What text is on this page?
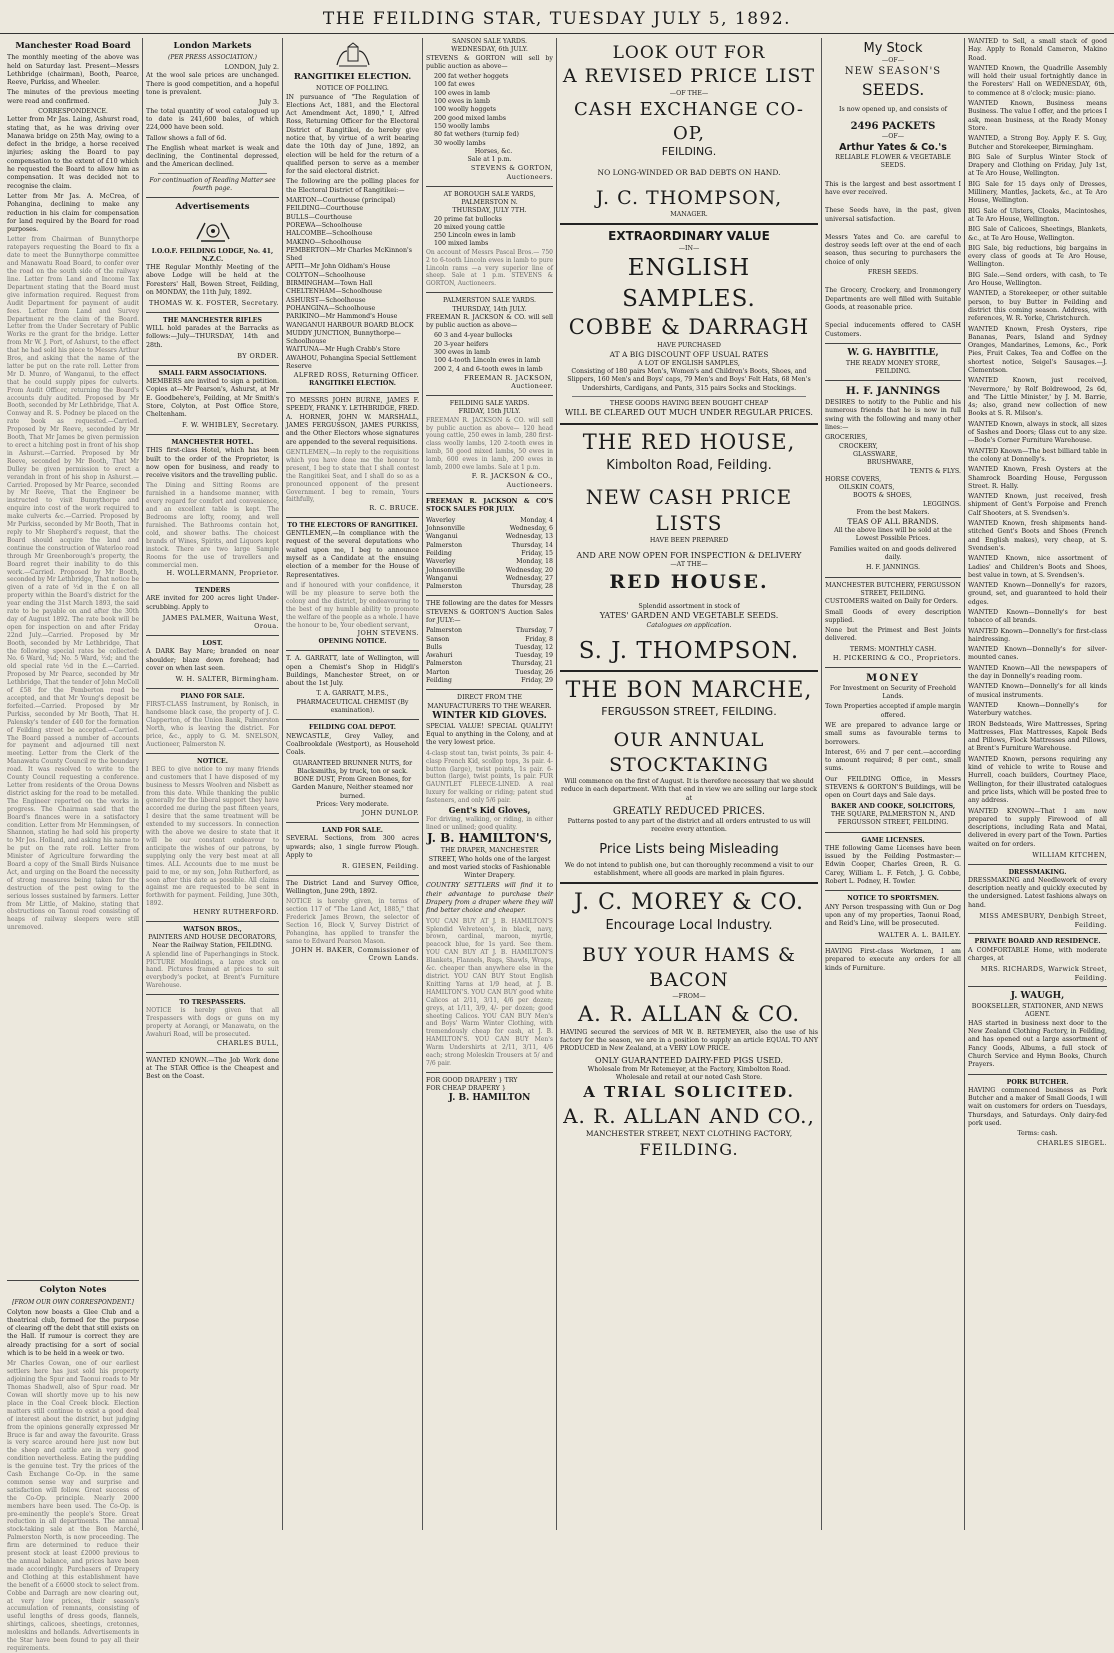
THE FEILDING STAR, TUESDAY JULY 5, 1892.
Manchester Road Board

The monthly meeting of the above was held on Saturday last. Present—Messrs Lethbridge (chairman), Booth, Pearce, Reeve, Purkiss, and Wheeler.

The minutes of the previous meeting were read and confirmed.

CORRESPONDENCE.

Letter from Mr Jas. Laing, Ashurst road, stating that, as he was driving over Manawa bridge on 25th May, owing to a defect in the bridge, a horse received injuries; asking the Board to pay compensation to the extent of £10 which he requested the Board to allow him as compensation. It was decided not to recognise the claim.

Letter from Mr Jas. A. McCrea, of Pohangina, declining to make any reduction in his claim for compensation for land required by the Board for road purposes.

Letter from Chairman of Bunnythorpe ratepayers requesting the Board to fix a date to meet the Bunnythorpe committee and Manawatu Road Board, to confer over the road on the south side of the railway line. Letter from Land and Income Tax Department stating that the Board must give information required. Request from Audit Department for payment of audit fees. Letter from Land and Survey Department re the claim of the Board. Letter from the Under Secretary of Public Works re the grant for the bridge. Letter from Mr W. J. Port, of Ashurst, to the effect that he had sold his piece to Messrs Arthur Bros, and asking that the name of the latter be put on the rate roll. Letter from Mr D. Munro, of Wanganui, to the effect that he could supply pipes for culverts. From Audit Officer, returning the Board's accounts duly audited. Proposed by Mr Booth, seconded by Mr Lethbridge, That A. Conway and R. S. Podney be placed on the rate book as requested.—Carried. Proposed by Mr Reeve, seconded by Mr Booth, That Mr James be given permission to erect a hitching post in front of his shop in Ashurst.—Carried. Proposed by Mr Reeve, seconded by Mr Booth, That Mr Dulley be given permission to erect a verandah in front of his shop in Ashurst.—Carried. Proposed by Mr Pearce, seconded by Mr Reeve, That the Engineer be instructed to visit Bunnythorpe and enquire into cost of the work required to make culverts &c.—Carried. Proposed by Mr Purkiss, seconded by Mr Booth, That in reply to Mr Shepherd's request, that the Board should acquire the land and continue the construction of Waterloo road through Mr Greenborough's property, the Board regret their inability to do this work.—Carried. Proposed by Mr Booth, seconded by Mr Lethbridge, That notice be given of a rate of ½d in the £ on all property within the Board's district for the year ending the 31st March 1893, the said rate to be payable on and after the 30th day of August 1892. The rate book will be open for inspection on and after Friday 22nd July.—Carried. Proposed by Mr Booth, seconded by Mr Lethbridge, That the following special rates be collected: No. 6 Ward, ¾d; No. 5 Ward, ½d; and the old special rate ½d in the £.—Carried. Proposed by Mr Pearce, seconded by Mr Lethbridge, That the tender of John McColl of £58 for the Pemberton road be accepted, and that Mr Young's deposit be forfeited.—Carried. Proposed by Mr Purkiss, seconded by Mr Booth, That H. Palensky's tender of £40 for the formation of Feilding street be accepted.—Carried. The Board passed a number of accounts for payment and adjourned till next meeting. Letter from the Clerk of the Manawatu County Council re the boundary road. It was resolved to write to the County Council requesting a conference. Letter from residents of the Oroua Downs district asking for the road to be metalled. The Engineer reported on the works in progress. The Chairman said that the Board's finances were in a satisfactory condition. Letter from Mr Hemmingsen, of Shannon, stating he had sold his property to Mr Jos. Holland, and asking his name to be put on the rate roll. Letter from Minister of Agriculture forwarding the Board a copy of the Small Birds Nuisance Act, and urging on the Board the necessity of strong measures being taken for the destruction of the pest owing to the serious losses sustained by farmers. Letter from Mr Little, of Makino, stating that obstructions on Taonui road consisting of heaps of railway sleepers were still unremoved.
Colyton Notes
[FROM OUR OWN CORRESPONDENT.]

Colyton now boasts a Glee Club and a theatrical club, formed for the purpose of clearing off the debt that still exists on the Hall. If rumour is correct they are already practising for a sort of social which is to be held in a week or two.

Mr Charles Cowan, one of our earliest settlers here has just sold his property adjoining the Spur and Taonui roads to Mr Thomas Shadwell, also of Spur road. Mr Cowan will shortly move up to his new place in the Coal Creek block. Election matters still continue to exist a good deal of interest about the district, but judging from the opinions generally expressed Mr Bruce is far and away the favourite. Grass is very scarce around here just now but the sheep and cattle are in very good condition nevertheless. Eating the pudding is the genuine test. Try the prices of the Cash Exchange Co-Op. in the same common sense way and surprise and satisfaction will follow. Great success of the Co-Op. principle. Nearly 2000 members have been used. The Co-Op. is pre-eminently the people's Store. Great reduction in all departments. The annual stock-taking sale at the Bon Marché, Palmerston North, is now proceeding. The firm are determined to reduce their present stock at least £2000 previous to the annual balance, and prices have been made accordingly. Purchasers of Drapery and Clothing at this establishment have the benefit of a £6000 stock to select from. Cobbe and Darragh are now clearing out, at very low prices, their season's accumulation of remnants, consisting of useful lengths of dress goods, flannels, shirtings, calicoes, sheetings, cretonnes, moleskins and hollands. Advertisements in the Star have been found to pay all their requirements.
London Markets
(PER PRESS ASSOCIATION.)
LONDON, July 2.

At the wool sale prices are unchanged. There is good competition, and a hopeful tone is prevalent.

July 3.

The total quantity of wool catalogued up to date is 241,600 bales, of which 224,000 have been sold.

Tallow shows a fall of 6d.

The English wheat market is weak and declining, the Continental depressed, and the American declined.

For continuation of Reading Matter see fourth page.
Advertisements
I.O.O.F. FEILDING LODGE, No. 41, N.Z.C.

THE Regular Monthly Meeting of the above Lodge will be held at the Foresters' Hall, Bowen Street, Feilding, on MONDAY, the 11th July, 1892.

THOMAS W. K. FOSTER, Secretary.
THE MANCHESTER RIFLES

WILL hold parades at the Barracks as follows:—July—THURSDAY, 14th and 28th.

BY ORDER.
SMALL FARM ASSOCIATIONS.

MEMBERS are invited to sign a petition. Copies at—Mr Pearson's, Ashurst, at Mr E. Goodbehere's, Feilding, at Mr Smith's Store, Colyton, at Post Office Store, Cheltenham.

F. W. WHIBLEY, Secretary.
MANCHESTER HOTEL.

THIS first-class Hotel, which has been built to the order of the Proprietor, is now open for business, and ready to receive visitors and the travelling public.

The Dining and Sitting Rooms are furnished in a handsome manner, with every regard for comfort and convenience, and an excellent table is kept. The Bedrooms are lofty, roomy, and well furnished. The Bathrooms contain hot, cold, and shower baths. The choicest brands of Wines, Spirits, and Liquors kept instock. There are two large Sample Rooms for the use of travellers and commercial men.
H. WOLLERMANN, Proprietor.
TENDERS

ARE invited for 200 acres light Under-scrubbing. Apply to

JAMES PALMER, Waituna West, Oroua.
LOST.

A DARK Bay Mare; branded on near shoulder; blaze down forehead; had cover on when last seen.

W. H. SALTER, Birmingham.
PIANO FOR SALE.
FIRST-CLASS Instrument, by Ronisch, in handsome black case, the property of J. C. Clapperton, of the Union Bank, Palmerston North, who is leaving the district. For price, &c., apply to G. M. SNELSON, Auctioneer, Palmerston N.
NOTICE.
I BEG to give notice to my many friends and customers that I have disposed of my business to Messrs Woolven and Nisbett as from this date. While thanking the public generally for the liberal support they have accorded me during the past fifteen years, I desire that the same treatment will be extended to my successors. In connection with the above we desire to state that it will be our constant endeavour to anticipate the wishes of our patrons, by supplying only the very best meat at all times. ALL Accounts due to me must be paid to me, or my son, John Rutherford, as soon after this date as possible. All claims against me are requested to be sent in forthwith for payment. Feilding, June 30th, 1892.
HENRY RUTHERFORD.
WATSON BROS.,
PAINTERS AND HOUSE DECORATORS, Near the Railway Station, FEILDING.
A splendid line of Paperhangings in Stock. PICTURE Mouldings, a large stock on hand. Pictures framed at prices to suit everybody's pocket, at Brent's Furniture Warehouse.
TO TRESPASSERS.
NOTICE is hereby given that all Trespassers with dogs or guns on my property at Aorangi, or Manawatu, on the Awahuri Road, will be prosecuted.
CHARLES BULL,

WANTED KNOWN.—The Job Work done at The STAR Office is the Cheapest and Best on the Coast.

RANGITIKEI ELECTION.
NOTICE OF POLLING.

IN pursuance of "The Regulation of Elections Act, 1881, and the Electoral Act Amendment Act, 1890," I, Alfred Ross, Returning Officer for the Electoral District of Rangitikei, do hereby give notice that, by virtue of a writ bearing date the 10th day of June, 1892, an election will be held for the return of a qualified person to serve as a member for the said electoral district.

The following are the polling places for the Electoral District of Rangitikei:—

MARTON—Courthouse (principal)
FEILDING—Courthouse
BULLS—Courthouse
POREWA—Schoolhouse
HALCOMBE—Schoolhouse
MAKINO—Schoolhouse
PEMBERTON—Mr Charles McKinnon's Shed
APITI—Mr John Oldham's House
COLYTON—Schoolhouse
BIRMINGHAM—Town Hall
CHELTENHAM—Schoolhouse
ASHURST—Schoolhouse
POHANGINA—Schoolhouse
PARIKINO—Mr Hammond's House
WANGANUI HARBOUR BOARD BLOCK
MUDDY JUNCTION, Bunnythorpe—Schoolhouse
WAITUNA—Mr Hugh Crabb's Store
AWAHOU, Pohangina Special Settlement Reserve
ALFRED ROSS, Returning Officer.
RANGITIKEI ELECTION.

TO MESSRS JOHN BURNE, JAMES F. SPEEDY, FRANK Y. LETHBRIDGE, FRED. A. HORNER, JOHN W. MARSHALL, JAMES FERGUSSON, JAMES PURKISS, and the Other Electors whose signatures are appended to the several requisitions.

GENTLEMEN,—In reply to the requisitions which you have done me the honour to present, I beg to state that I shall contest the Rangitikei Seat, and I shall do so as a pronounced opponent of the present Government. I beg to remain, Yours faithfully,
R. C. BRUCE.
TO THE ELECTORS OF RANGITIKEI.

GENTLEMEN,—In compliance with the request of the several deputations who waited upon me, I beg to announce myself as a Candidate at the ensuing election of a member for the House of Representatives.

and if honoured with your confidence, it will be my pleasure to serve both the colony and the district, by endeavouring to the best of my humble ability to promote the welfare of the people as a whole. I have the honour to be, Your obedient servant,
JOHN STEVENS.
OPENING NOTICE.

T. A. GARRATT, late of Wellington, will open a Chemist's Shop in Hidgli's Buildings, Manchester Street, on or about the 1st July.

T. A. GARRATT, M.P.S., PHARMACEUTICAL CHEMIST (By examination).
FEILDING COAL DEPOT.

NEWCASTLE, Grey Valley, and Coalbrookdale (Westport), as Household Coals.

GUARANTEED BRUNNER NUTS, for Blacksmiths, by truck, ton or sack.
BONE DUST, From Green Bones, for Garden Manure, Neither steamed nor burned.
Prices: Very moderate.
JOHN DUNLOP.
LAND FOR SALE.

SEVERAL Sections, from 300 acres upwards; also, 1 single furrow Plough. Apply to

R. GIESEN, Feilding.

The District Land and Survey Office, Wellington, June 29th, 1892.

NOTICE is hereby given, in terms of section 117 of "The Land Act, 1885," that Frederick James Brown, the selector of Section 16, Block V, Survey District of Pohangina, has applied to transfer the same to Edward Pearson Mason.
JOHN H. BAKER, Commissioner of Crown Lands.
SANSON SALE YARDS.
WEDNESDAY, 6th JULY.

STEVENS & GORTON will sell by public auction as above—

200 fat wether hoggets
100 fat ewes
100 ewes in lamb
100 ewes in lamb
100 woolly hoggets
200 good mixed lambs
150 woolly lambs
80 fat wethers (turnip fed)
30 woolly lambs
Horses, &c.
Sale at 1 p.m.
STEVENS & GORTON, Auctioneers.
AT BOROUGH SALE YARDS, PALMERSTON N.
THURSDAY, JULY 7TH.
20 prime fat bullocks
20 mixed young cattle
250 Lincoln ewes in lamb
100 mixed lambs
On account of Messrs Pascal Bros.— 750 2 to 6-tooth Lincoln ewes in lamb to pure Lincoln rams —a very superior line of sheep. Sale at 1 p.m. STEVENS & GORTON, Auctioneers.
PALMERSTON SALE YARDS.
THURSDAY, 14th JULY.

FREEMAN R. JACKSON & CO. will sell by public auction as above—

60 3 and 4-year bullocks
20 3-year heifers
300 ewes in lamb
100 4-tooth Lincoln ewes in lamb
200 2, 4 and 6-tooth ewes in lamb
FREEMAN R. JACKSON, Auctioneer.
FEILDING SALE YARDS.
FRIDAY, 15th JULY.
FREEMAN R. JACKSON & CO. will sell by public auction as above— 120 head young cattle, 250 ewes in lamb, 280 first-class woolly lambs, 120 2-tooth ewes in lamb, 50 good mixed lambs, 50 ewes in lamb, 600 ewes in lamb, 200 ewes in lamb, 2000 ewe lambs. Sale at 1 p.m.
F. R. JACKSON & CO., Auctioneers.

FREEMAN R. JACKSON & CO'S STOCK SALES FOR JULY.

Waverley	Monday, 4
Johnsonville	Wednesday, 6
Wanganui	Wednesday, 13
Palmerston	Thursday, 14
Feilding	Friday, 15
Waverley	Monday, 18
Johnsonville	Wednesday, 20
Wanganui	Wednesday, 27
Palmerston	Thursday, 28

THE following are the dates for Messrs STEVENS & GORTON'S Auction Sales for JULY:—

Palmerston	Thursday, 7
Sanson	Friday, 8
Bulls	Tuesday, 12
Awahuri	Tuesday, 19
Palmerston	Thursday, 21
Marton	Tuesday, 26
Feilding	Friday, 29
DIRECT FROM THE MANUFACTURERS TO THE WEARER.
WINTER KID GLOVES.

SPECIAL VALUE! SPECIAL QUALITY! Equal to anything in the Colony, and at the very lowest price.

4-clasp stout tan, twist points, 3s pair. 4-clasp French Kid, scollop tops, 3s pair. 4-button (large), twist points, 1s pair. 6-button (large), twist points, 1s pair. FUR GAUNTLET FLEECE-LINED. A real luxury for walking or riding; patent stud fasteners, and only 5/6 pair.
Gent's Kid Gloves,
For driving, walking, or riding, in either lined or unlined; good quality.
J. B. HAMILTON'S,

THE DRAPER, MANCHESTER STREET, Who holds one of the largest and most varied stocks of Fashionable Winter Drapery.

COUNTRY SETTLERS will find it to their advantage to purchase their Drapery from a draper where they will find better choice and cheaper.

YOU CAN BUY AT J. B. HAMILTON'S Splendid Velveteen's, in black, navy, brown, cardinal, maroon, myrtle, peacock blue, for 1s yard. See them. YOU CAN BUY AT J. B. HAMILTON'S Blankets, Flannels, Rugs, Shawls, Wraps, &c. cheaper than anywhere else in the district. YOU CAN BUY Stout English Knitting Yarns at 1/9 head, at J. B. HAMILTON'S. YOU CAN BUY good white Calicos at 2/11, 3/11, 4/6 per dozen; greys, at 1/11, 3/9, 4/- per dozen; good sheeting Calicos. YOU CAN BUY Men's and Boys' Warm Winter Clothing, with tremendously cheap for cash, at J. B. HAMILTON'S. YOU CAN BUY Men's Warm Undershirts at 2/11, 3/11, 4/6 each; strong Moleskin Trousers at 5/ and 7/6 pair.
FOR GOOD DRAPERY } TRY
FOR CHEAP DRAPERY }
J. B. HAMILTON
LOOK OUT FOR
A REVISED PRICE LIST
—OF THE—
CASH EXCHANGE CO-OP,
FEILDING.
NO LONG-WINDED OR BAD DEBTS ON HAND.
J. C. THOMPSON,
MANAGER.
EXTRAORDINARY VALUE
—IN—
ENGLISH SAMPLES.
COBBE & DARRAGH
HAVE PURCHASED
AT A BIG DISCOUNT OFF USUAL RATES
A LOT OF ENGLISH SAMPLES,

Consisting of 180 pairs Men's, Women's and Children's Boots, Shoes, and Slippers, 160 Men's and Boys' caps, 79 Men's and Boys' Felt Hats, 68 Men's Undershirts, Cardigans, and Pants, 315 pairs Socks and Stockings.

THESE GOODS HAVING BEEN BOUGHT CHEAP
WILL BE CLEARED OUT MUCH UNDER REGULAR PRICES.
THE RED HOUSE,
Kimbolton Road, Feilding.
NEW CASH PRICE LISTS
HAVE BEEN PREPARED
AND ARE NOW OPEN FOR INSPECTION & DELIVERY
—AT THE—
RED HOUSE.
Splendid assortment in stock of
YATES' GARDEN AND VEGETABLE SEEDS.
Catalogues on application.
S. J. THOMPSON.
THE BON MARCHE,
FERGUSSON STREET, FEILDING.
OUR ANNUAL STOCKTAKING

Will commence on the first of August. It is therefore necessary that we should reduce in each department. With that end in view we are selling our large stock at

GREATLY REDUCED PRICES.

Patterns posted to any part of the district and all orders entrusted to us will receive every attention.

Price Lists being Misleading

We do not intend to publish one, but can thoroughly recommend a visit to our establishment, where all goods are marked in plain figures.

J. C. MOREY & CO.
Encourage Local Industry.
BUY YOUR HAMS & BACON
—FROM—
A. R. ALLAN & CO.

HAVING secured the services of MR W. B. RETEMEYER, also the use of his factory for the season, we are in a position to supply an article EQUAL TO ANY PRODUCED in New Zealand, at a VERY LOW PRICE.

ONLY GUARANTEED DAIRY-FED PIGS USED.
Wholesale from Mr Retemeyer, at the Factory, Kimbolton Road.
Wholesale and retail at our noted Cash Store.
A TRIAL SOLICITED.
A. R. ALLAN AND CO.,
MANCHESTER STREET, NEXT CLOTHING FACTORY,
FEILDING.
My Stock
—OF—
NEW SEASON'S
SEEDS.
Is now opened up, and consists of
2496 PACKETS
—OF—
Arthur Yates & Co.'s

RELIABLE FLOWER & VEGETABLE SEEDS.

This is the largest and best assortment I have ever received.

These Seeds have, in the past, given universal satisfaction.

Messrs Yates and Co. are careful to destroy seeds left over at the end of each season, thus securing to purchasers the choice of only

FRESH SEEDS.

The Grocery, Crockery, and Ironmongery Departments are well filled with Suitable Goods, at reasonable price.

Special inducements offered to CASH Customers.

W. G. HAYBITTLE,
THE READY MONEY STORE,
FEILDING.
H. F. JANNINGS

DESIRES to notify to the Public and his numerous friends that he is now in full swing with the following and many other lines:—

GROCERIES,
CROCKERY,
GLASSWARE,
BRUSHWARE,
TENTS & FLYS.
HORSE COVERS,
OILSKIN COATS,
BOOTS & SHOES,
LEGGINGS.
From the best Makers.
TEAS OF ALL BRANDS.

All the above lines will be sold at the Lowest Possible Prices.

Families waited on and goods delivered daily.

H. F. JANNINGS.
MANCHESTER BUTCHERY, FERGUSSON STREET, FEILDING.

CUSTOMERS waited on Daily for Orders.

Small Goods of every description supplied.

None but the Primest and Best Joints delivered.

TERMS: MONTHLY CASH.
H. PICKERING & CO., Proprietors.
MONEY

For Investment on Security of Freehold Lands.

Town Properties accepted if ample margin offered.

WE are prepared to advance large or small sums as favourable terms to borrowers.

Interest, 6½ and 7 per cent.—according to amount required; 8 per cent., small sums.

Our FEILDING Office, in Messrs STEVENS & GORTON'S Buildings, will be open on Court days and Sale days.

BAKER AND COOKE, SOLICITORS,
THE SQUARE, PALMERSTON N., AND FERGUSSON STREET, FEILDING.
GAME LICENSES.

THE following Game Licenses have been issued by the Feilding Postmaster:—Edwin Cooper, Charles Green, R. G. Carey, William L. F. Fetch, J. G. Cobbe, Robert L. Podney, H. Towler.

NOTICE TO SPORTSMEN.

ANY Person trespassing with Gun or Dog upon any of my properties, Taonui Road, and Reid's Line, will be prosecuted.

WALTER A. L. BAILEY.

HAVING First-class Workmen, I am prepared to execute any orders for all kinds of Furniture.

WANTED to Sell, a small stack of good Hay. Apply to Ronald Cameron, Makino Road.

WANTED Known, the Quadrille Assembly will hold their usual fortnightly dance in the Foresters' Hall on WEDNESDAY, 6th, to commence at 8 o'clock; music: piano.

WANTED Known, Business means Business. The value I offer, and the prices I ask, mean business, at the Ready Money Store.

WANTED, a Strong Boy. Apply F. S. Guy, Butcher and Storekeeper, Birmingham.

BIG Sale of Surplus Winter Stock of Drapery and Clothing on Friday, July 1st, at Te Aro House, Wellington.

BIG Sale for 15 days only of Dresses, Millinery, Mantles, Jackets, &c., at Te Aro House, Wellington.

BIG Sale of Ulsters, Cloaks, Macintoshes, at Te Aro House, Wellington.

BIG Sale of Calicoes, Sheetings, Blankets, &c., at Te Aro House, Wellington.

BIG Sale, big reductions, big bargains in every class of goods at Te Aro House, Wellington.

BIG Sale.—Send orders, with cash, to Te Aro House, Wellington.

WANTED, a Storekeeper, or other suitable person, to buy Butter in Feilding and district this coming season. Address, with references, W. R. Yorke, Christchurch.

WANTED Known, Fresh Oysters, ripe Bananas, Pears, Island and Sydney Oranges, Mandarines, Lemons, &c., Pork Pies, Fruit Cakes, Tea and Coffee on the shortest notice, Seigel's Sausages.—J. Clementson.

WANTED Known, just received, 'Nevermore,' by Rolf Boldrewood, 2s 6d, and 'The Little Minister,' by J. M. Barrie, 4s; also, grand new collection of new Books at S. R. Milson's.

WANTED Known, always in stock, all sizes of Sashes and Doors; Glass cut to any size.—Bode's Corner Furniture Warehouse.

WANTED Known—The best billiard table in the colony at Donnelly's.

WANTED Known, Fresh Oysters at the Shamrock Boarding House, Fergusson Street. R. Hally.

WANTED Known, just received, fresh shipment of Gent's Forpoise and French Calf Shooters, at S. Svendsen's.

WANTED Known, fresh shipments hand-stitched Gent's Boots and Shoes (French and English makes), very cheap, at S. Svendsen's.

WANTED Known, nice assortment of Ladies' and Children's Boots and Shoes, best value in town, at S. Svendsen's.

WANTED Known—Donnelly's for razors, ground, set, and guaranteed to hold their edges.

WANTED Known—Donnelly's for best tobacco of all brands.

WANTED Known—Donnelly's for first-class hairdressing.

WANTED Known—Donnelly's for silver-mounted canes.

WANTED Known—All the newspapers of the day in Donnelly's reading room.

WANTED Known—Donnelly's for all kinds of musical instruments.

WANTED Known—Donnelly's for Waterbury watches.

IRON Bedsteads, Wire Mattresses, Spring Mattresses, Flax Mattresses, Kapok Beds and Pillows, Flock Mattresses and Pillows, at Brent's Furniture Warehouse.

WANTED Known, persons requiring any kind of vehicle to write to Rouse and Hurrell, coach builders, Courtney Place, Wellington, for their illustrated catalogues and price lists, which will be posted free to any address.

WANTED KNOWN—That I am now prepared to supply Firewood of all descriptions, including Rata and Matai, delivered in every part of the Town. Parties waited on for orders.

WILLIAM KITCHEN,
DRESSMAKING.

DRESSMAKING and Needlework of every description neatly and quickly executed by the undersigned. Latest fashions always on hand.

MISS AMESBURY, Denbigh Street, Feilding.
PRIVATE BOARD AND RESIDENCE.

A COMFORTABLE Home, with moderate charges, at

MRS. RICHARDS, Warwick Street, Feilding.
J. WAUGH,
BOOKSELLER, STATIONER, AND NEWS AGENT.

HAS started in business next door to the New Zealand Clothing Factory, in Feilding, and has opened out a large assortment of Fancy Goods, Albums, a full stock of Church Service and Hymn Books, Church Prayers.

PORK BUTCHER.

HAVING commenced business as Pork Butcher and a maker of Small Goods, I will wait on customers for orders on Tuesdays, Thursdays, and Saturdays. Only dairy-fed pork used.

Terms: cash.
CHARLES SIEGEL.
